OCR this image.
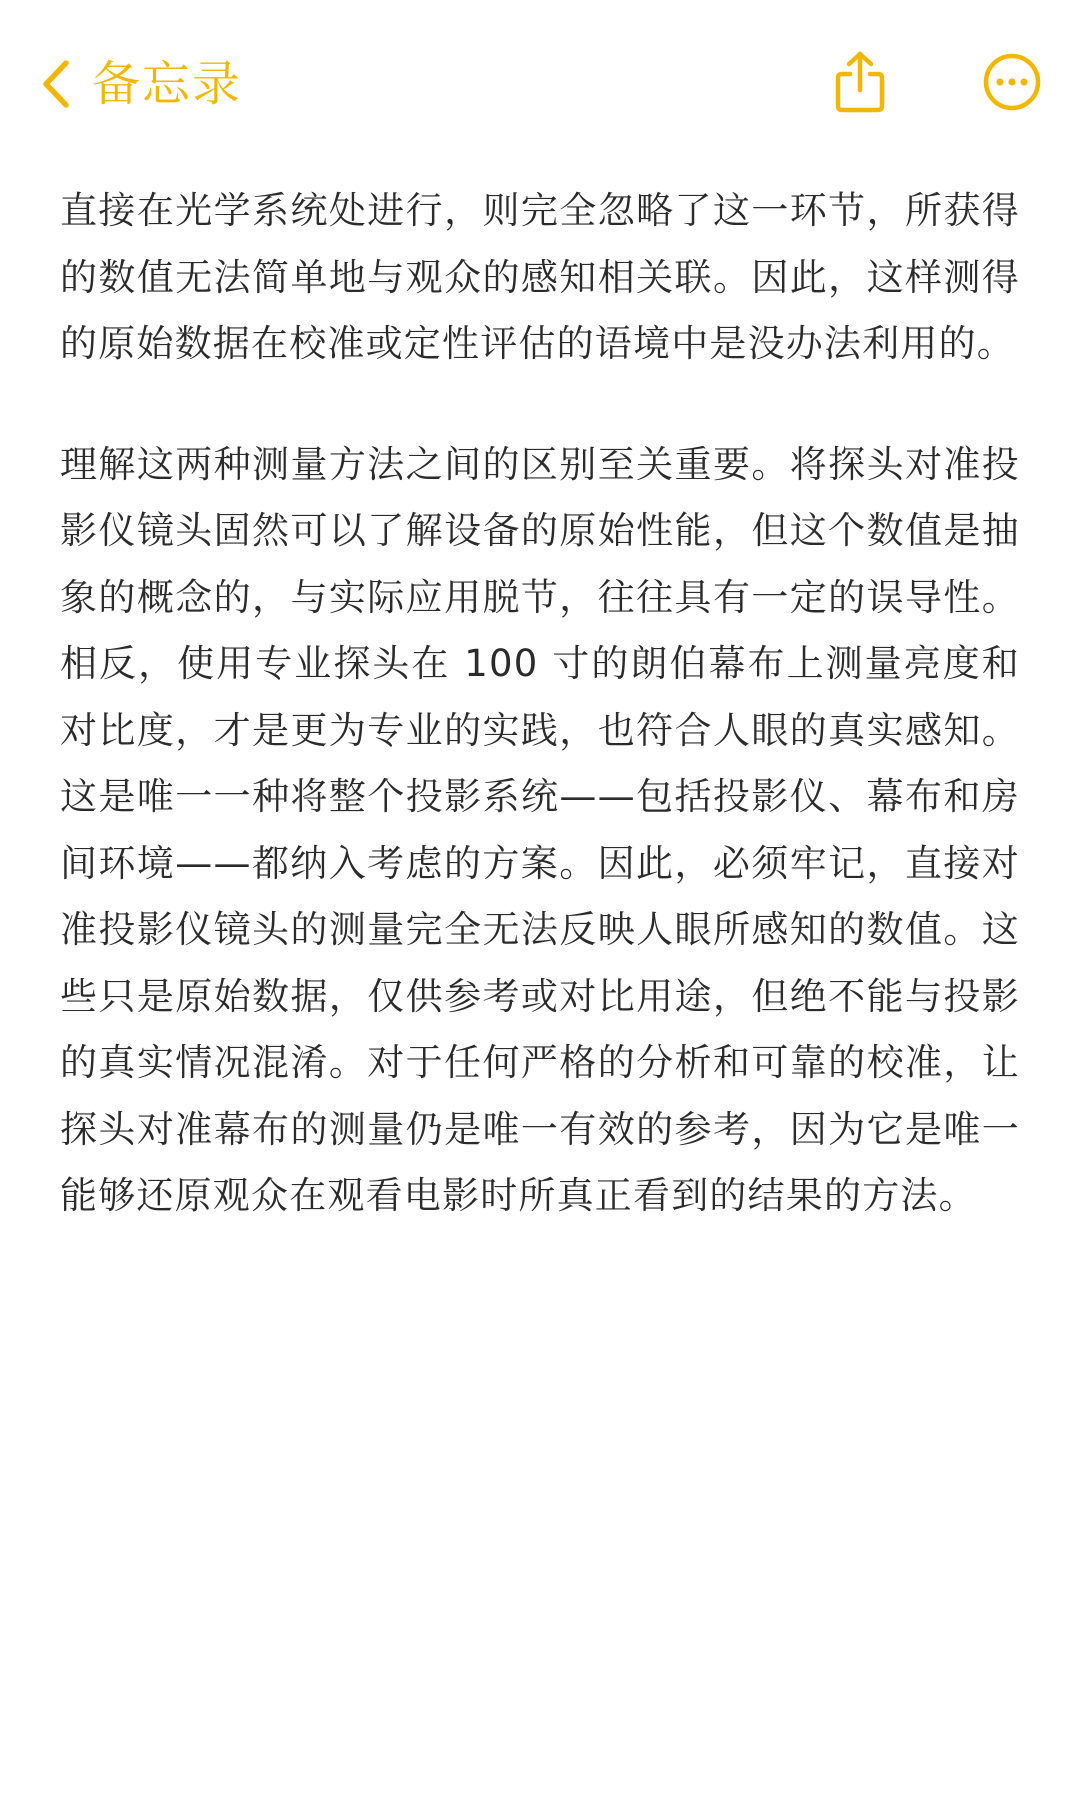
备忘录

直接在光学系统处进行，则完全忽略了这一环节，所获得的数值无法简单地与观众的感知相关联。因此，这样测得的原始数据在校准或定性评估的语境中是没办法利用的。

理解这两种测量方法之间的区别至关重要。将探头对准投影仪镜头固然可以了解设备的原始性能，但这个数值是抽象的概念的，与实际应用脱节，往往具有一定的误导性。相反，使用专业探头在 100 寸的朗伯幕布上测量亮度和对比度，才是更为专业的实践，也符合人眼的真实感知。这是唯一一种将整个投影系统——包括投影仪、幕布和房间环境——都纳入考虑的方案。因此，必须牢记，直接对准投影仪镜头的测量完全无法反映人眼所感知的数值。这些只是原始数据，仅供参考或对比用途，但绝不能与投影的真实情况混淆。对于任何严格的分析和可靠的校准，让探头对准幕布的测量仍是唯一有效的参考，因为它是唯一能够还原观众在观看电影时所真正看到的结果的方法。
